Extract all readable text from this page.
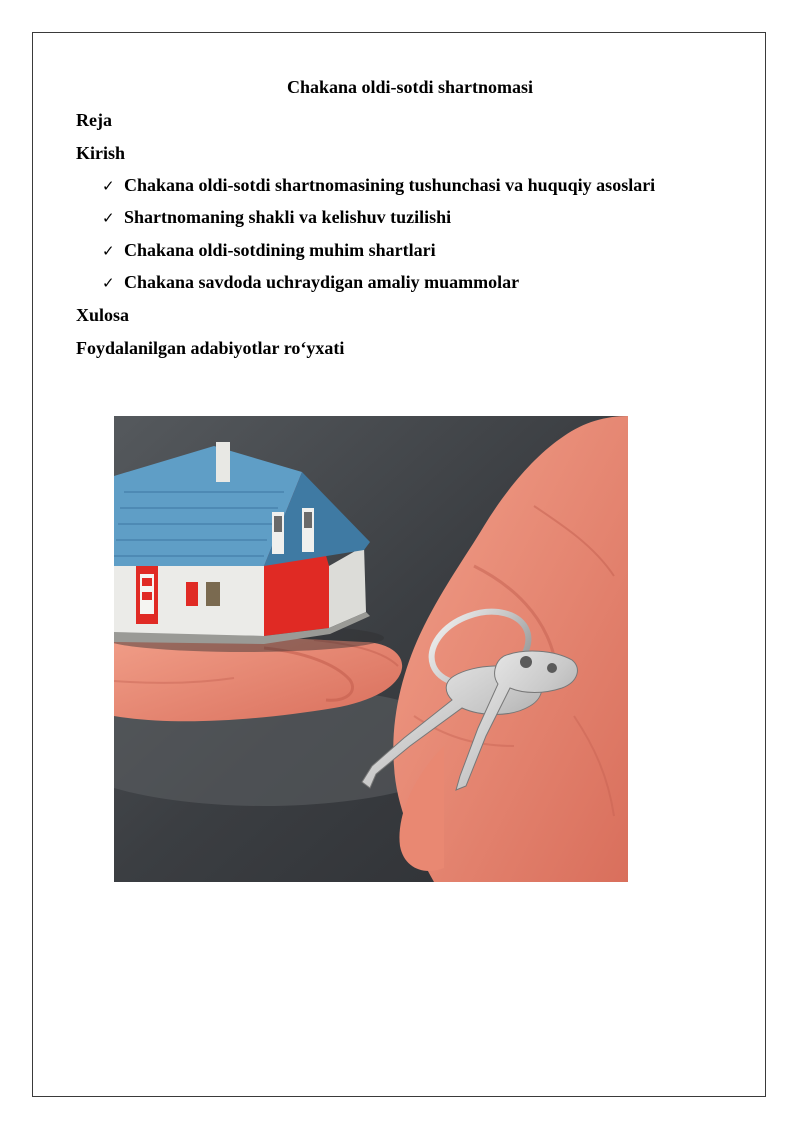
Chakana oldi-sotdi shartnomasi
Reja
Kirish
✓ Chakana oldi-sotdi shartnomasining tushunchasi va huquqiy asoslari
✓ Shartnomaning shakli va kelishuv tuzilishi
✓ Chakana oldi-sotdining muhim shartlari
✓ Chakana savdoda uchraydigan amaliy muammolar
Xulosa
Foydalanilgan adabiyotlar ro‘yxati
